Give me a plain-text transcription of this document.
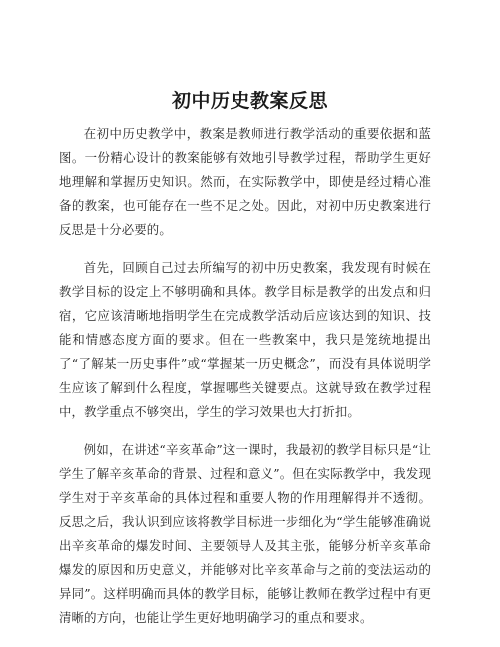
初中历史教案反思

在初中历史教学中，教案是教师进行教学活动的重要依据和蓝图。一份精心设计的教案能够有效地引导教学过程，帮助学生更好地理解和掌握历史知识。然而，在实际教学中，即使是经过精心准备的教案，也可能存在一些不足之处。因此，对初中历史教案进行反思是十分必要的。

首先，回顾自己过去所编写的初中历史教案，我发现有时候在教学目标的设定上不够明确和具体。教学目标是教学的出发点和归宿，它应该清晰地指明学生在完成教学活动后应该达到的知识、技能和情感态度方面的要求。但在一些教案中，我只是笼统地提出了“了解某一历史事件”或“掌握某一历史概念”，而没有具体说明学生应该了解到什么程度，掌握哪些关键要点。这就导致在教学过程中，教学重点不够突出，学生的学习效果也大打折扣。

例如，在讲述“辛亥革命”这一课时，我最初的教学目标只是“让学生了解辛亥革命的背景、过程和意义”。但在实际教学中，我发现学生对于辛亥革命的具体过程和重要人物的作用理解得并不透彻。反思之后，我认识到应该将教学目标进一步细化为“学生能够准确说出辛亥革命的爆发时间、主要领导人及其主张，能够分析辛亥革命爆发的原因和历史意义，并能够对比辛亥革命与之前的变法运动的异同”。这样明确而具体的教学目标，能够让教师在教学过程中有更清晰的方向，也能让学生更好地明确学习的重点和要求。
